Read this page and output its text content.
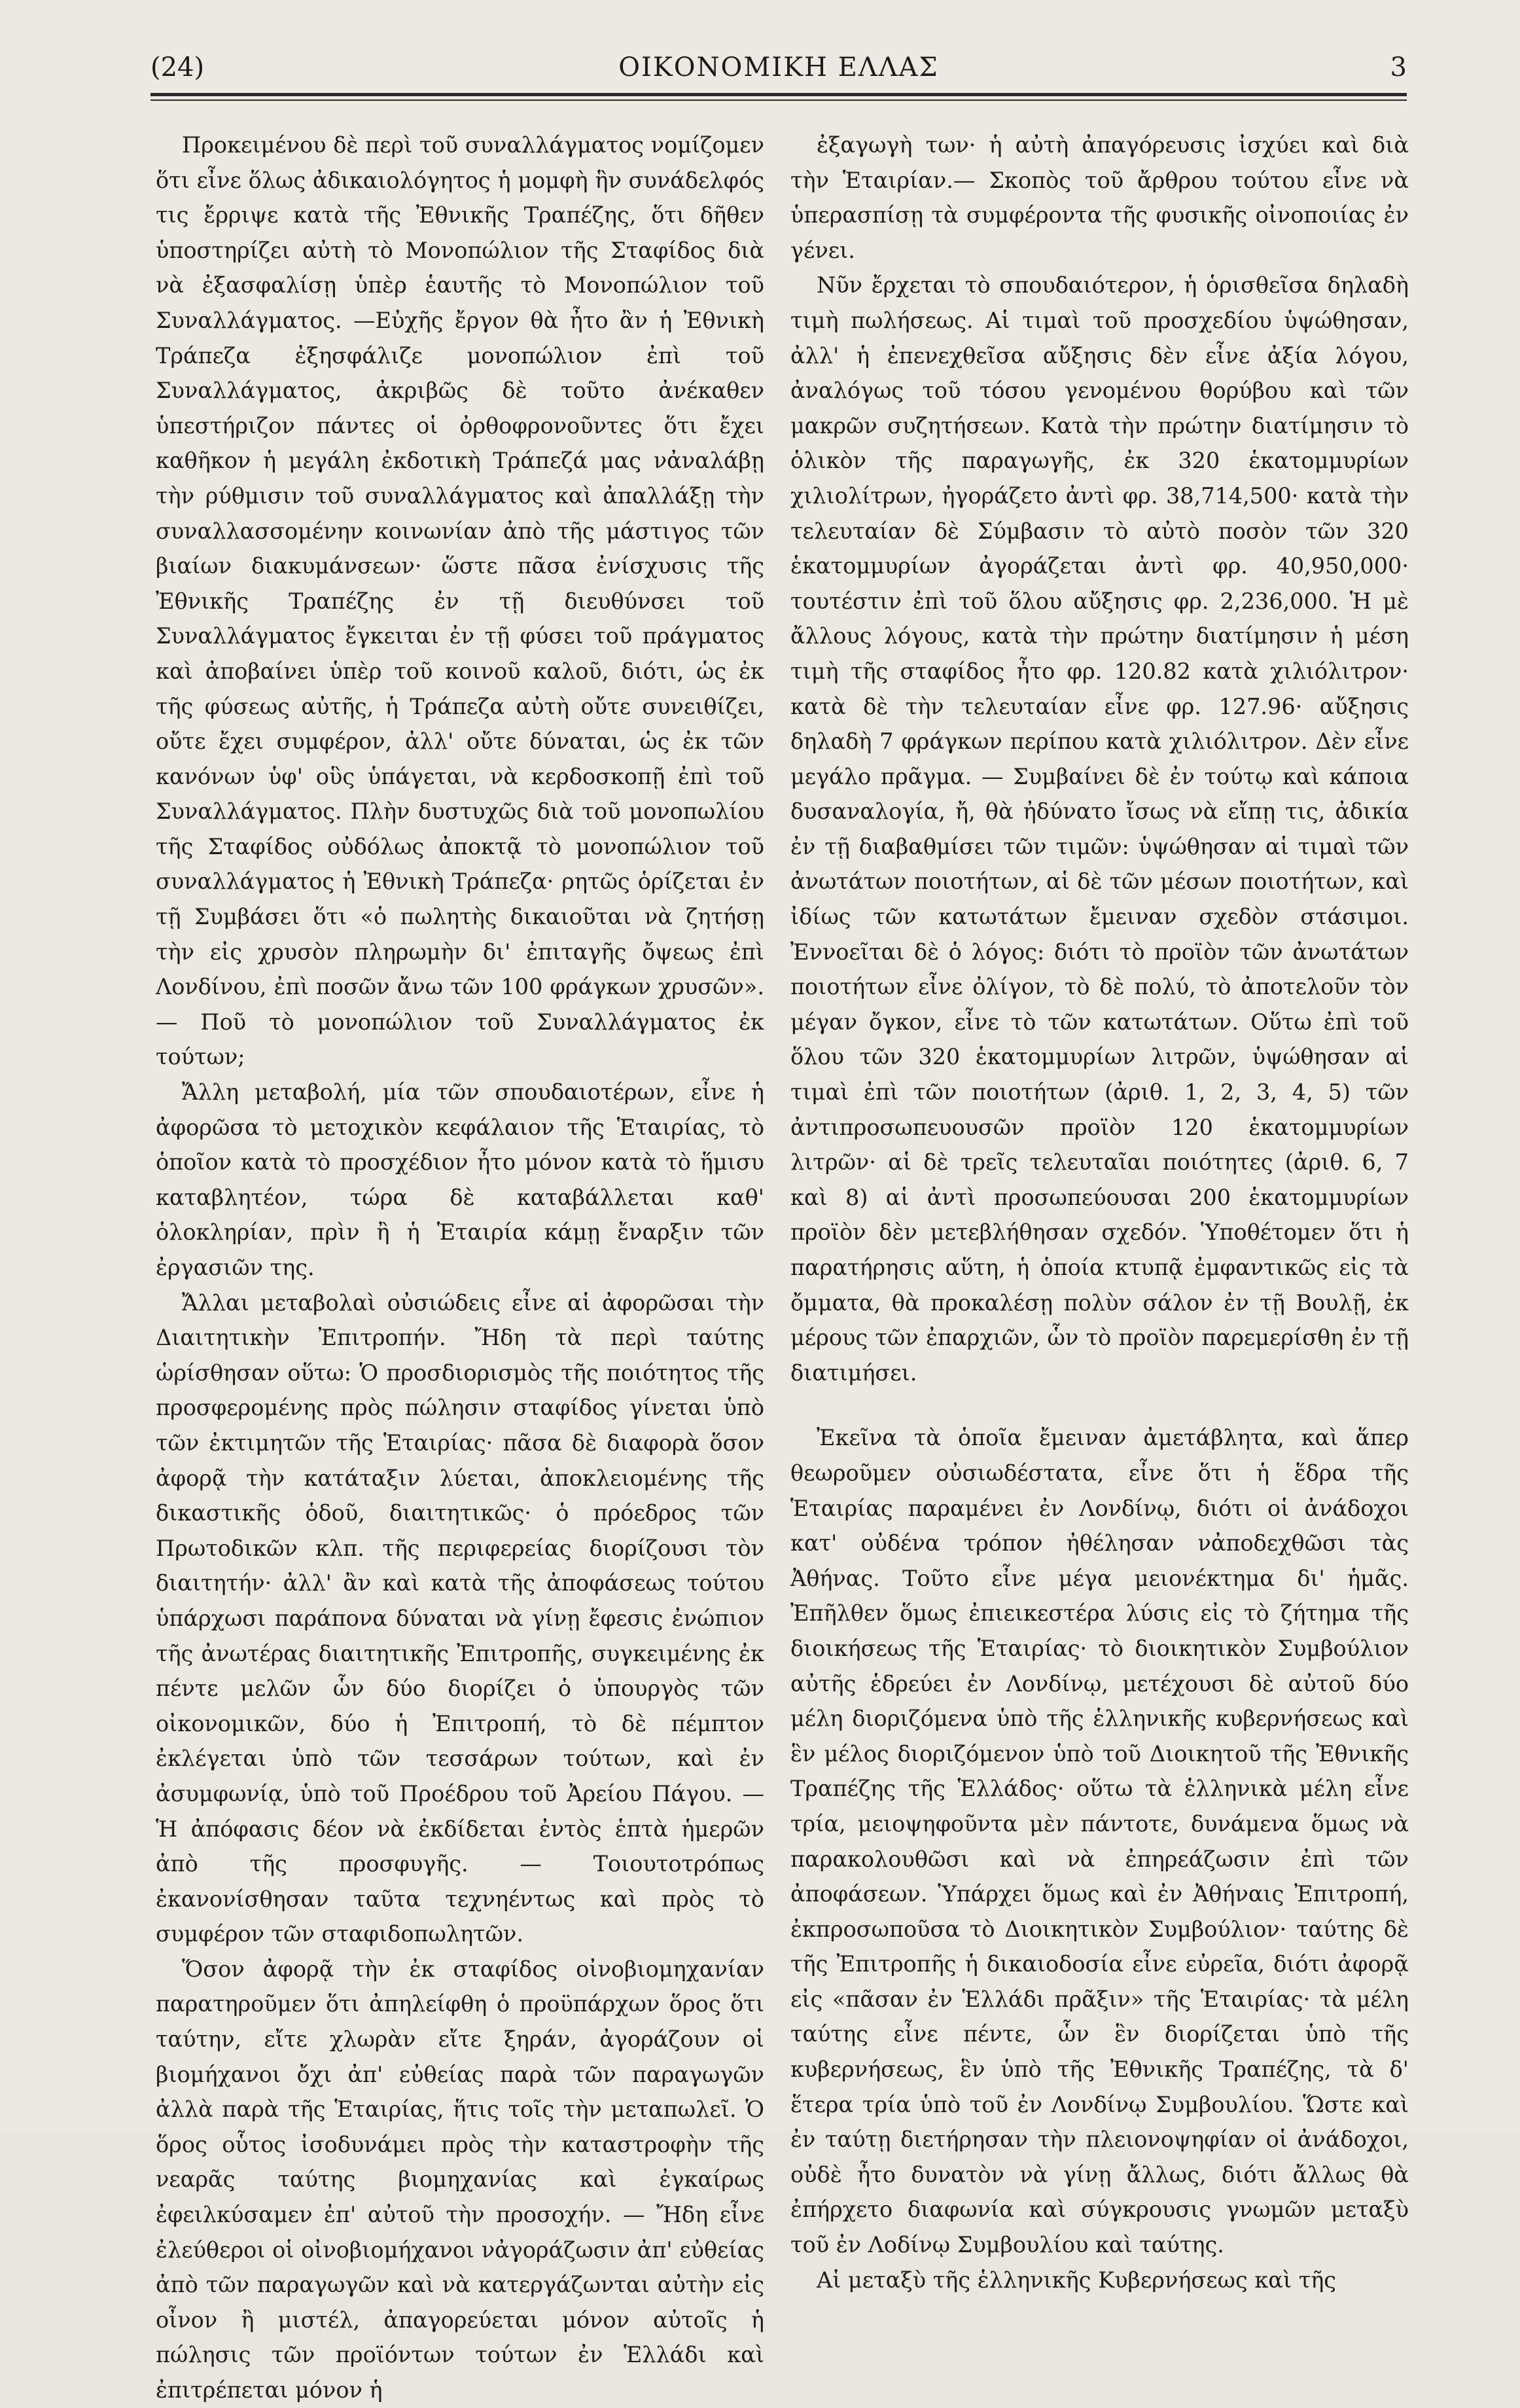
(24)	ΟΙΚΟΝΟΜΙΚΗ ΕΛΛΑΣ	3

Προκειμένου δὲ περὶ τοῦ συναλλάγματος νομίζομεν ὅτι εἶνε ὅλως ἀδικαιολόγητος ἡ μομφὴ ἣν συνάδελφός τις ἔρριψε κατὰ τῆς Ἐθνικῆς Τραπέζης, ὅτι δῆθεν ὑποστηρίζει αὐτὴ τὸ Μονοπώλιον τῆς Σταφίδος διὰ νὰ ἐξασφαλίσῃ ὑπὲρ ἑαυτῆς τὸ Μονοπώλιον τοῦ Συναλλάγματος. —Εὐχῆς ἔργον θὰ ἦτο ἂν ἡ Ἐθνικὴ Τράπεζα ἐξησφάλιζε μονοπώλιον ἐπὶ τοῦ Συναλλάγματος, ἀκριβῶς δὲ τοῦτο ἀνέκαθεν ὑπεστήριζον πάντες οἱ ὀρθοφρονοῦντες ὅτι ἔχει καθῆκον ἡ μεγάλη ἐκδοτικὴ Τράπεζά μας νἀναλάβῃ τὴν ρύθμισιν τοῦ συναλλάγματος καὶ ἀπαλλάξῃ τὴν συναλλασσομένην κοινωνίαν ἀπὸ τῆς μάστιγος τῶν βιαίων διακυμάνσεων· ὥστε πᾶσα ἐνίσχυσις τῆς Ἐθνικῆς Τραπέζης ἐν τῇ διευθύνσει τοῦ Συναλλάγματος ἔγκειται ἐν τῇ φύσει τοῦ πράγματος καὶ ἀποβαίνει ὑπὲρ τοῦ κοινοῦ καλοῦ, διότι, ὡς ἐκ τῆς φύσεως αὐτῆς, ἡ Τράπεζα αὐτὴ οὔτε συνειθίζει, οὔτε ἔχει συμφέρον, ἀλλ' οὔτε δύναται, ὡς ἐκ τῶν κανόνων ὑφ' οὓς ὑπάγεται, νὰ κερδοσκοπῇ ἐπὶ τοῦ Συναλλάγματος. Πλὴν δυστυχῶς διὰ τοῦ μονοπωλίου τῆς Σταφίδος οὐδόλως ἀποκτᾷ τὸ μονοπώλιον τοῦ συναλλάγματος ἡ Ἐθνικὴ Τράπεζα· ρητῶς ὁρίζεται ἐν τῇ Συμβάσει ὅτι «ὁ πωλητὴς δικαιοῦται νὰ ζητήσῃ τὴν εἰς χρυσὸν πληρωμὴν δι' ἐπιταγῆς ὄψεως ἐπὶ Λονδίνου, ἐπὶ ποσῶν ἄνω τῶν 100 φράγκων χρυσῶν».— Ποῦ τὸ μονοπώλιον τοῦ Συναλλάγματος ἐκ τούτων;

Ἄλλη μεταβολή, μία τῶν σπουδαιοτέρων, εἶνε ἡ ἀφορῶσα τὸ μετοχικὸν κεφάλαιον τῆς Ἑταιρίας, τὸ ὁποῖον κατὰ τὸ προσχέδιον ἦτο μόνον κατὰ τὸ ἥμισυ καταβλητέον, τώρα δὲ καταβάλλεται καθ' ὁλοκληρίαν, πρὶν ἢ ἡ Ἑταιρία κάμῃ ἔναρξιν τῶν ἐργασιῶν της.

Ἄλλαι μεταβολαὶ οὐσιώδεις εἶνε αἱ ἀφορῶσαι τὴν Διαιτητικὴν Ἐπιτροπήν. Ἤδη τὰ περὶ ταύτης ὡρίσθησαν οὕτω: Ὁ προσδιορισμὸς τῆς ποιότητος τῆς προσφερομένης πρὸς πώλησιν σταφίδος γίνεται ὑπὸ τῶν ἐκτιμητῶν τῆς Ἑταιρίας· πᾶσα δὲ διαφορὰ ὅσον ἀφορᾷ τὴν κατάταξιν λύεται, ἀποκλειομένης τῆς δικαστικῆς ὁδοῦ, διαιτητικῶς· ὁ πρόεδρος τῶν Πρωτοδικῶν κλπ. τῆς περιφερείας διορίζουσι τὸν διαιτητήν· ἀλλ' ἂν καὶ κατὰ τῆς ἀποφάσεως τούτου ὑπάρχωσι παράπονα δύναται νὰ γίνῃ ἔφεσις ἐνώπιον τῆς ἀνωτέρας διαιτητικῆς Ἐπιτροπῆς, συγκειμένης ἐκ πέντε μελῶν ὧν δύο διορίζει ὁ ὑπουργὸς τῶν οἰκονομικῶν, δύο ἡ Ἐπιτροπή, τὸ δὲ πέμπτον ἐκλέγεται ὑπὸ τῶν τεσσάρων τούτων, καὶ ἐν ἀσυμφωνίᾳ, ὑπὸ τοῦ Προέδρου τοῦ Ἀρείου Πάγου. — Ἡ ἀπόφασις δέον νὰ ἐκδίδεται ἐντὸς ἑπτὰ ἡμερῶν ἀπὸ τῆς προσφυγῆς. — Τοιουτοτρόπως ἐκανονίσθησαν ταῦτα τεχνηέντως καὶ πρὸς τὸ συμφέρον τῶν σταφιδοπωλητῶν.

Ὅσον ἀφορᾷ τὴν ἐκ σταφίδος οἰνοβιομηχανίαν παρατηροῦμεν ὅτι ἀπηλείφθη ὁ προϋπάρχων ὅρος ὅτι ταύτην, εἴτε χλωρὰν εἴτε ξηράν, ἀγοράζουν οἱ βιομήχανοι ὄχι ἀπ' εὐθείας παρὰ τῶν παραγωγῶν ἀλλὰ παρὰ τῆς Ἑταιρίας, ἥτις τοῖς τὴν μεταπωλεῖ. Ὁ ὅρος οὗτος ἰσοδυνάμει πρὸς τὴν καταστροφὴν τῆς νεαρᾶς ταύτης βιομηχανίας καὶ ἐγκαίρως ἐφειλκύσαμεν ἐπ' αὐτοῦ τὴν προσοχήν. — Ἤδη εἶνε ἐλεύθεροι οἱ οἰνοβιομήχανοι νἀγοράζωσιν ἀπ' εὐθείας ἀπὸ τῶν παραγωγῶν καὶ νὰ κατεργάζωνται αὐτὴν εἰς οἶνον ἢ μιστέλ, ἀπαγορεύεται μόνον αὐτοῖς ἡ πώλησις τῶν προϊόντων τούτων ἐν Ἑλλάδι καὶ ἐπιτρέπεται μόνον ἡ

ἐξαγωγὴ των· ἡ αὐτὴ ἀπαγόρευσις ἰσχύει καὶ διὰ τὴν Ἑταιρίαν.— Σκοπὸς τοῦ ἄρθρου τούτου εἶνε νὰ ὑπερασπίσῃ τὰ συμφέροντα τῆς φυσικῆς οἰνοποιίας ἐν γένει.

Νῦν ἔρχεται τὸ σπουδαιότερον, ἡ ὁρισθεῖσα δηλαδὴ τιμὴ πωλήσεως. Αἱ τιμαὶ τοῦ προσχεδίου ὑψώθησαν, ἀλλ' ἡ ἐπενεχθεῖσα αὔξησις δὲν εἶνε ἀξία λόγου, ἀναλόγως τοῦ τόσου γενομένου θορύβου καὶ τῶν μακρῶν συζητήσεων. Κατὰ τὴν πρώτην διατίμησιν τὸ ὁλικὸν τῆς παραγωγῆς, ἐκ 320 ἑκατομμυρίων χιλιολίτρων, ἠγοράζετο ἀντὶ φρ. 38,714,500· κατὰ τὴν τελευταίαν δὲ Σύμβασιν τὸ αὐτὸ ποσὸν τῶν 320 ἑκατομμυρίων ἀγοράζεται ἀντὶ φρ. 40,950,000· τουτέστιν ἐπὶ τοῦ ὅλου αὔξησις φρ. 2,236,000. Ἡ μὲ ἄλλους λόγους, κατὰ τὴν πρώτην διατίμησιν ἡ μέση τιμὴ τῆς σταφίδος ἦτο φρ. 120.82 κατὰ χιλιόλιτρον· κατὰ δὲ τὴν τελευταίαν εἶνε φρ. 127.96· αὔξησις δηλαδὴ 7 φράγκων περίπου κατὰ χιλιόλιτρον. Δὲν εἶνε μεγάλο πρᾶγμα. — Συμβαίνει δὲ ἐν τούτῳ καὶ κάποια δυσαναλογία, ἤ, θὰ ἠδύνατο ἴσως νὰ εἴπῃ τις, ἀδικία ἐν τῇ διαβαθμίσει τῶν τιμῶν: ὑψώθησαν αἱ τιμαὶ τῶν ἀνωτάτων ποιοτήτων, αἱ δὲ τῶν μέσων ποιοτήτων, καὶ ἰδίως τῶν κατωτάτων ἔμειναν σχεδὸν στάσιμοι. Ἐννοεῖται δὲ ὁ λόγος: διότι τὸ προϊὸν τῶν ἀνωτάτων ποιοτήτων εἶνε ὀλίγον, τὸ δὲ πολύ, τὸ ἀποτελοῦν τὸν μέγαν ὄγκον, εἶνε τὸ τῶν κατωτάτων. Οὕτω ἐπὶ τοῦ ὅλου τῶν 320 ἑκατομμυρίων λιτρῶν, ὑψώθησαν αἱ τιμαὶ ἐπὶ τῶν ποιοτήτων (ἀριθ. 1, 2, 3, 4, 5) τῶν ἀντιπροσωπευουσῶν προϊὸν 120 ἑκατομμυρίων λιτρῶν· αἱ δὲ τρεῖς τελευταῖαι ποιότητες (ἀριθ. 6, 7 καὶ 8) αἱ ἀντὶ προσωπεύουσαι 200 ἑκατομμυρίων προϊὸν δὲν μετεβλήθησαν σχεδόν. Ὑποθέτομεν ὅτι ἡ παρατήρησις αὕτη, ἡ ὁποία κτυπᾷ ἐμφαντικῶς εἰς τὰ ὄμματα, θὰ προκαλέσῃ πολὺν σάλον ἐν τῇ Βουλῇ, ἐκ μέρους τῶν ἐπαρχιῶν, ὧν τὸ προϊὸν παρεμερίσθη ἐν τῇ διατιμήσει.

Ἐκεῖνα τὰ ὁποῖα ἔμειναν ἀμετάβλητα, καὶ ἅπερ θεωροῦμεν οὐσιωδέστατα, εἶνε ὅτι ἡ ἕδρα τῆς Ἑταιρίας παραμένει ἐν Λονδίνῳ, διότι οἱ ἀνάδοχοι κατ' οὐδένα τρόπον ἠθέλησαν νἀποδεχθῶσι τὰς Ἀθήνας. Τοῦτο εἶνε μέγα μειονέκτημα δι' ἡμᾶς. Ἐπῆλθεν ὅμως ἐπιεικεστέρα λύσις εἰς τὸ ζήτημα τῆς διοικήσεως τῆς Ἑταιρίας· τὸ διοικητικὸν Συμβούλιον αὐτῆς ἑδρεύει ἐν Λονδίνῳ, μετέχουσι δὲ αὐτοῦ δύο μέλη διοριζόμενα ὑπὸ τῆς ἑλληνικῆς κυβερνήσεως καὶ ἓν μέλος διοριζόμενον ὑπὸ τοῦ Διοικητοῦ τῆς Ἐθνικῆς Τραπέζης τῆς Ἑλλάδος· οὕτω τὰ ἑλληνικὰ μέλη εἶνε τρία, μειοψηφοῦντα μὲν πάντοτε, δυνάμενα ὅμως νὰ παρακολουθῶσι καὶ νὰ ἐπηρεάζωσιν ἐπὶ τῶν ἀποφάσεων. Ὑπάρχει ὅμως καὶ ἐν Ἀθήναις Ἐπιτροπή, ἐκπροσωποῦσα τὸ Διοικητικὸν Συμβούλιον· ταύτης δὲ τῆς Ἐπιτροπῆς ἡ δικαιοδοσία εἶνε εὐρεῖα, διότι ἀφορᾷ εἰς «πᾶσαν ἐν Ἑλλάδι πρᾶξιν» τῆς Ἑταιρίας· τὰ μέλη ταύτης εἶνε πέντε, ὧν ἓν διορίζεται ὑπὸ τῆς κυβερνήσεως, ἓν ὑπὸ τῆς Ἐθνικῆς Τραπέζης, τὰ δ' ἕτερα τρία ὑπὸ τοῦ ἐν Λονδίνῳ Συμβουλίου. Ὥστε καὶ ἐν ταύτῃ διετήρησαν τὴν πλειονοψηφίαν οἱ ἀνάδοχοι, οὐδὲ ἦτο δυνατὸν νὰ γίνῃ ἄλλως, διότι ἄλλως θὰ ἐπήρχετο διαφωνία καὶ σύγκρουσις γνωμῶν μεταξὺ τοῦ ἐν Λοδίνῳ Συμβουλίου καὶ ταύτης.

Αἱ μεταξὺ τῆς ἑλληνικῆς Κυβερνήσεως καὶ τῆς
